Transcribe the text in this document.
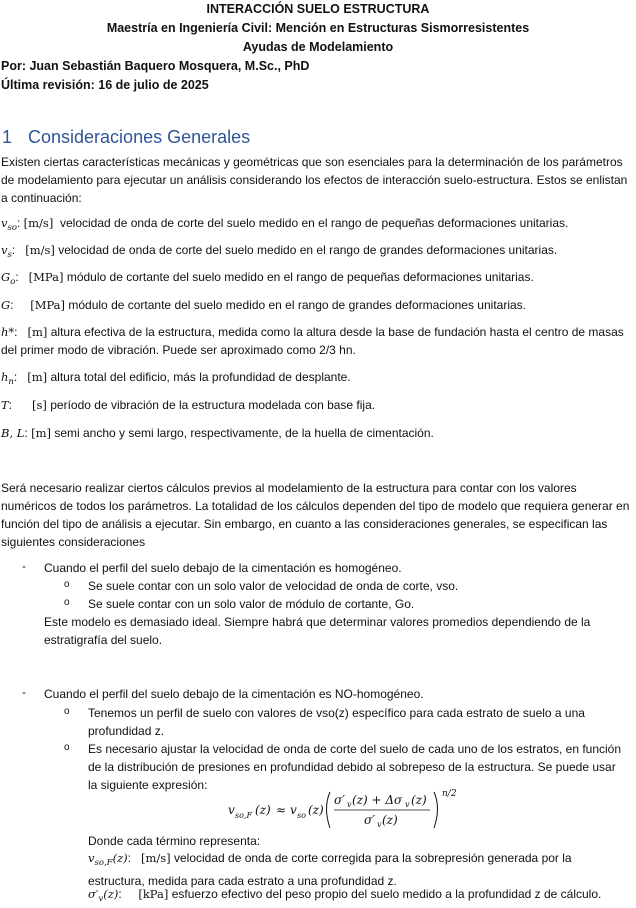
INTERACCIÓN SUELO ESTRUCTURA
Maestría en Ingeniería Civil: Mención en Estructuras Sismorresistentes
Ayudas de Modelamiento
Por: Juan Sebastián Baquero Mosquera, M.Sc., PhD
Última revisión: 16 de julio de 2025
1 Consideraciones Generales
Existen ciertas características mecánicas y geométricas que son esenciales para la determinación de los parámetros de modelamiento para ejecutar un análisis considerando los efectos de interacción suelo-estructura. Estos se enlistan a continuación:
$v_{so}$: [m/s] velocidad de onda de corte del suelo medido en el rango de pequeñas deformaciones unitarias.
$v_s$:   [m/s] velocidad de onda de corte del suelo medido en el rango de grandes deformaciones unitarias.
$G_o$:   [MPa] módulo de cortante del suelo medido en el rango de pequeñas deformaciones unitarias.
G:     [MPa] módulo de cortante del suelo medido en el rango de grandes deformaciones unitarias.
h*:   [m] altura efectiva de la estructura, medida como la altura desde la base de fundación hasta el centro de masas del primer modo de vibración. Puede ser aproximado como 2/3 hn.
$h_n$:   [m] altura total del edificio, más la profundidad de desplante.
T:      [s] período de vibración de la estructura modelada con base fija.
B, L: [m] semi ancho y semi largo, respectivamente, de la huella de cimentación.
Será necesario realizar ciertos cálculos previos al modelamiento de la estructura para contar con los valores numéricos de todos los parámetros. La totalidad de los cálculos dependen del tipo de modelo que requiera generar en función del tipo de análisis a ejecutar. Sin embargo, en cuanto a las consideraciones generales, se especifican las siguientes consideraciones
- Cuando el perfil del suelo debajo de la cimentación es homogéneo.
o Se suele contar con un solo valor de velocidad de onda de corte, vso.
o Se suele contar con un solo valor de módulo de cortante, Go.
Este modelo es demasiado ideal. Siempre habrá que determinar valores promedios dependiendo de la estratigrafía del suelo.
- Cuando el perfil del suelo debajo de la cimentación es NO-homogéneo.
o Tenemos un perfil de suelo con valores de vso(z) específico para cada estrato de suelo a una profundidad z.
o Es necesario ajustar la velocidad de onda de corte del suelo de cada uno de los estratos, en función de la distribución de presiones en profundidad debido al sobrepeso de la estructura. Se puede usar la siguiente expresión:
v so,F (z) ≈ v so (z)
σ′ v (z) + Δσ v (z)
σ′ v (z)
n/2
Donde cada término representa:
$v_{so,F}(z)$:   [m/s] velocidad de onda de corte corregida para la sobrepresión generada por la estructura, medida para cada estrato a una profundidad z.
$\sigma'_v(z)$:     [kPa] esfuerzo efectivo del peso propio del suelo medido a la profundidad z de cálculo.
